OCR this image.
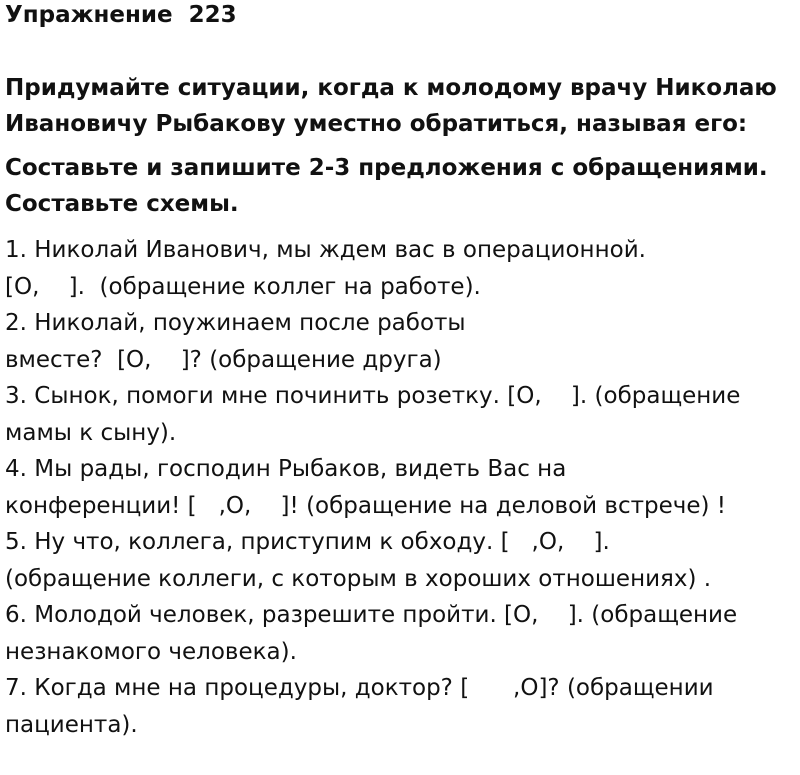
Упражнение  223
Придумайте ситуации, когда к молодому врачу Николаю
Ивановичу Рыбакову уместно обратиться, называя его:
Составьте и запишите 2-3 предложения с обращениями.
Составьте схемы.
1. Николай Иванович, мы ждем вас в операционной.
[О,    ].  (обращение коллег на работе).
2. Николай, поужинаем после работы
вместе?  [О,    ]? (обращение друга)
3. Сынок, помоги мне починить розетку. [О,    ]. (обращение
мамы к сыну).
4. Мы рады, господин Рыбаков, видеть Вас на
конференции! [   ,О,    ]! (обращение на деловой встрече) !
5. Ну что, коллега, приступим к обходу. [   ,О,    ].
(обращение коллеги, с которым в хороших отношениях) .
6. Молодой человек, разрешите пройти. [О,    ]. (обращение
незнакомого человека).
7. Когда мне на процедуры, доктор? [      ,О]? (обращении
пациента).
